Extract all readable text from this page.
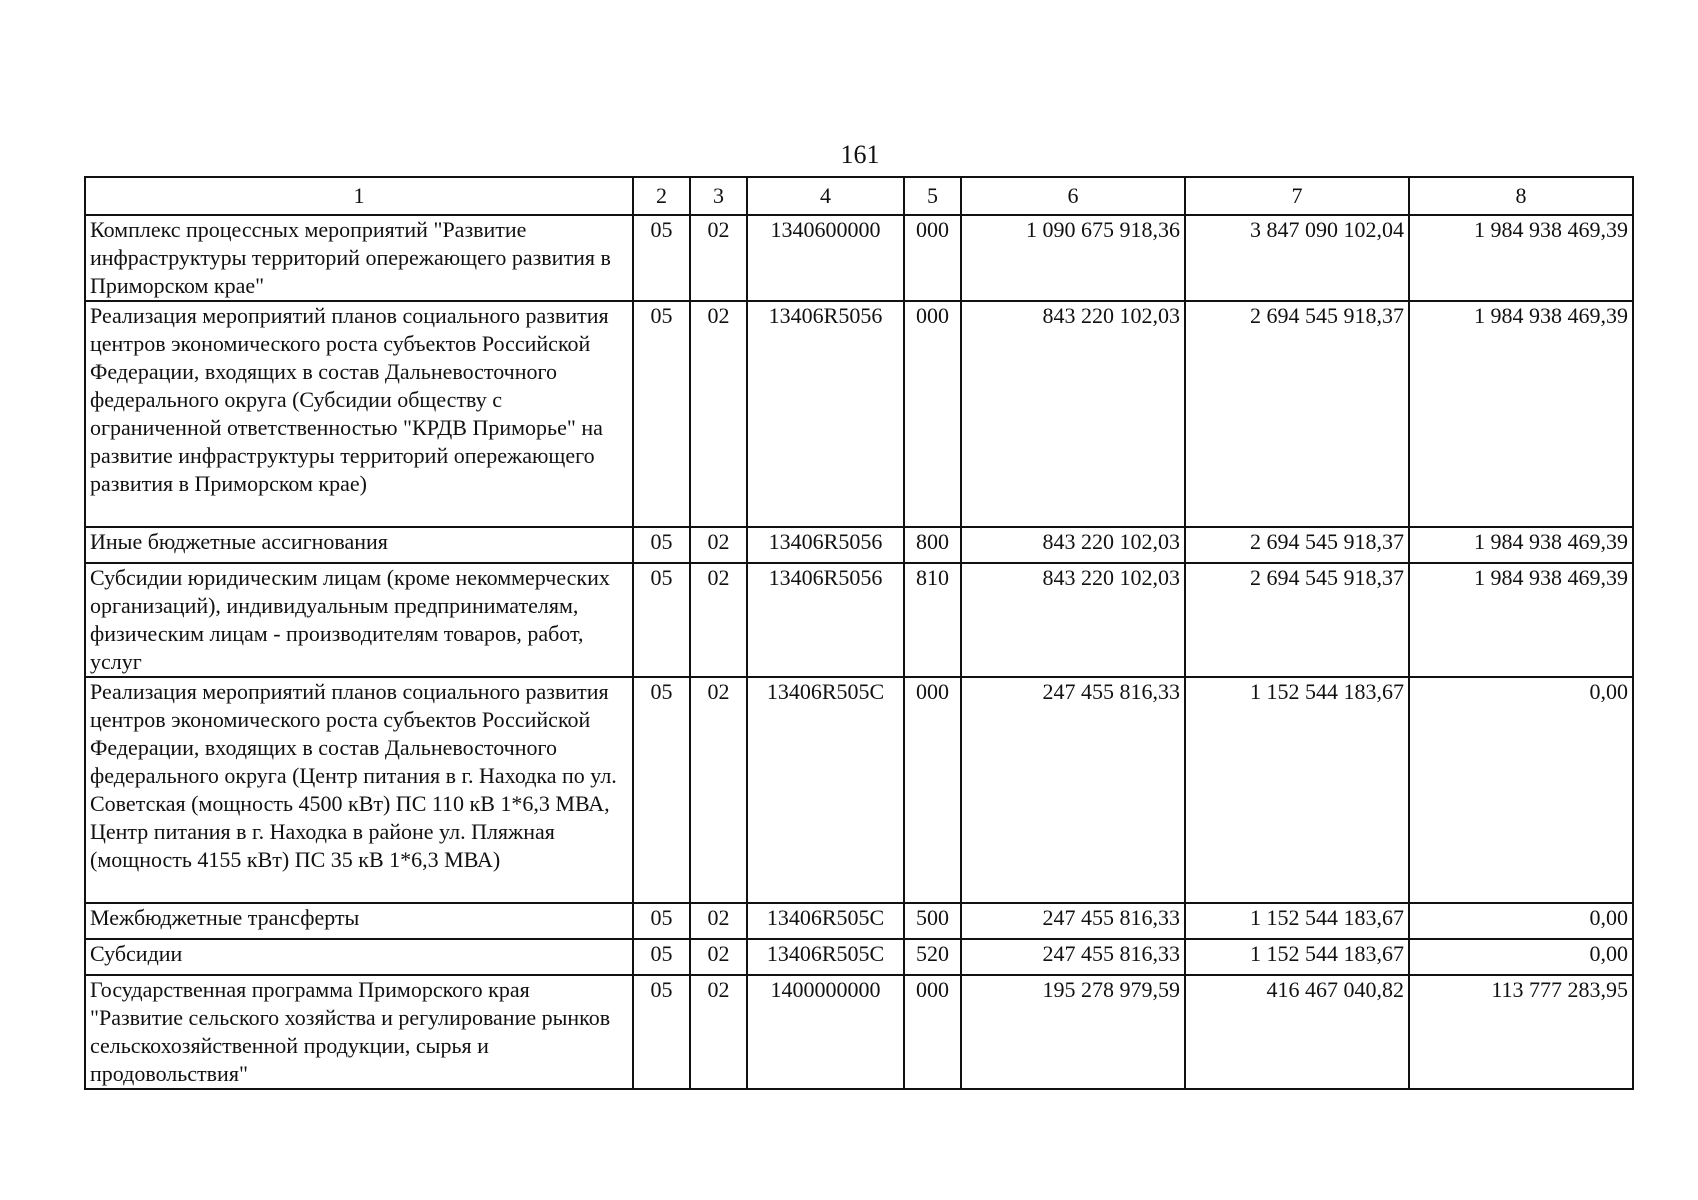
161
1	2	3	4	5	6	7	8
Комплекс процессных мероприятий "Развитие инфраструктуры территорий опережающего развития в Приморском крае"	05	02	1340600000	000	1 090 675 918,36	3 847 090 102,04	1 984 938 469,39
Реализация мероприятий планов социального развития центров экономического роста субъектов Российской Федерации, входящих в состав Дальневосточного федерального округа (Субсидии обществу с ограниченной ответственностью "КРДВ Приморье" на развитие инфраструктуры территорий опережающего развития в Приморском крае)	05	02	13406R5056	000	843 220 102,03	2 694 545 918,37	1 984 938 469,39
Иные бюджетные ассигнования	05	02	13406R5056	800	843 220 102,03	2 694 545 918,37	1 984 938 469,39
Субсидии юридическим лицам (кроме некоммерческих организаций), индивидуальным предпринимателям, физическим лицам - производителям товаров, работ, услуг	05	02	13406R5056	810	843 220 102,03	2 694 545 918,37	1 984 938 469,39
Реализация мероприятий планов социального развития центров экономического роста субъектов Российской Федерации, входящих в состав Дальневосточного федерального округа (Центр питания в г. Находка по ул. Советская (мощность 4500 кВт) ПС 110 кВ 1*6,3 МВА, Центр питания в г. Находка в районе ул. Пляжная (мощность 4155 кВт) ПС 35 кВ 1*6,3 МВА)	05	02	13406R505C	000	247 455 816,33	1 152 544 183,67	0,00
Межбюджетные трансферты	05	02	13406R505C	500	247 455 816,33	1 152 544 183,67	0,00
Субсидии	05	02	13406R505C	520	247 455 816,33	1 152 544 183,67	0,00
Государственная программа Приморского края "Развитие сельского хозяйства и регулирование рынков сельскохозяйственной продукции, сырья и продовольствия"	05	02	1400000000	000	195 278 979,59	416 467 040,82	113 777 283,95
